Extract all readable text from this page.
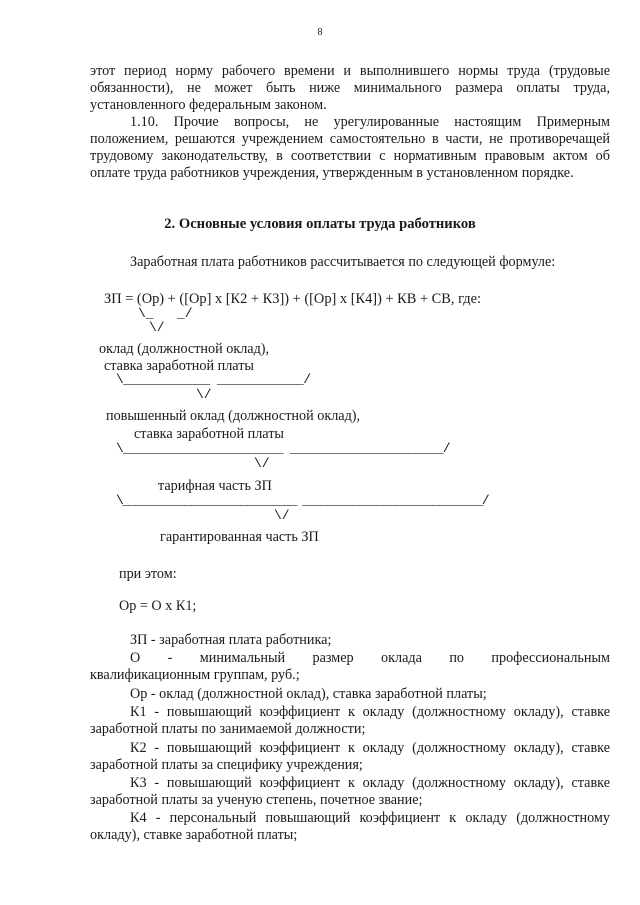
8
этот период норму рабочего времени и выполнившего нормы труда (трудовые обязанности), не может быть ниже минимального размера оплаты труда, установленного федеральным законом.
1.10. Прочие вопросы, не урегулированные настоящим Примерным положением, решаются учреждением самостоятельно в части, не противоречащей трудовому законодательству, в соответствии с нормативным правовым актом об оплате труда работников учреждения, утвержденным в установленном порядке.
2. Основные условия оплаты труда работников
Заработная плата работников рассчитывается по следующей формуле:
ЗП = (Ор) + ([Ор] х [К2 + К3]) + ([Ор] х [К4]) + КВ + СВ, где:
\_   _/
\/
оклад (должностной оклад),
ставка заработной платы
\____________ ____________/
\/
повышенный оклад (должностной оклад),
ставка заработной платы
\_______________________ ______________________/
\/
тарифная часть ЗП
\____________________________ _____________________________/
\/
гарантированная часть ЗП
при этом:
Ор = О х К1;
ЗП - заработная плата работника;
О - минимальный размер оклада по профессиональным
квалификационным группам, руб.;
Ор - оклад (должностной оклад), ставка заработной платы;
К1 - повышающий коэффициент к окладу (должностному окладу), ставке заработной платы по занимаемой должности;
К2 - повышающий коэффициент к окладу (должностному окладу), ставке заработной платы за специфику учреждения;
К3 - повышающий коэффициент к окладу (должностному окладу), ставке заработной платы за ученую степень, почетное звание;
К4 - персональный повышающий коэффициент к окладу (должностному окладу), ставке заработной платы;
